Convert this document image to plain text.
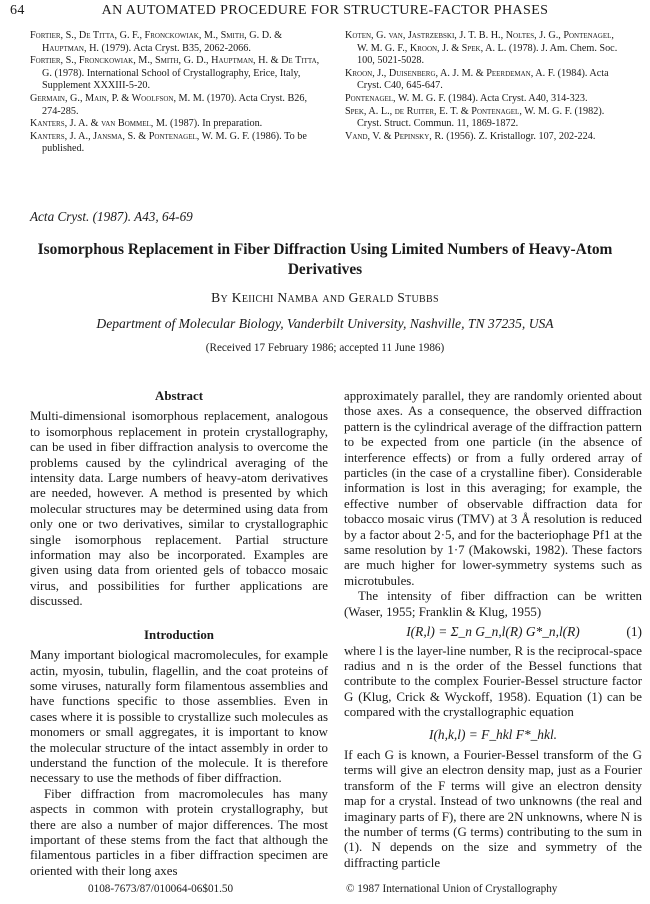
64	AN AUTOMATED PROCEDURE FOR STRUCTURE-FACTOR PHASES
Fortier, S., De Titta, G. F., Fronckowiak, M., Smith, G. D. & Hauptman, H. (1979). Acta Cryst. B35, 2062-2066.
Fortier, S., Fronckowiak, M., Smith, G. D., Hauptman, H. & De Titta, G. (1978). International School of Crystallography, Erice, Italy, Supplement XXXIII-5-20.
Germain, G., Main, P. & Woolfson, M. M. (1970). Acta Cryst. B26, 274-285.
Kanters, J. A. & van Bommel, M. (1987). In preparation.
Kanters, J. A., Jansma, S. & Pontenagel, W. M. G. F. (1986). To be published.
Koten, G. van, Jastrzebski, J. T. B. H., Noltes, J. G., Pontenagel, W. M. G. F., Kroon, J. & Spek, A. L. (1978). J. Am. Chem. Soc. 100, 5021-5028.
Kroon, J., Duisenberg, A. J. M. & Peerdeman, A. F. (1984). Acta Cryst. C40, 645-647.
Pontenagel, W. M. G. F. (1984). Acta Cryst. A40, 314-323.
Spek, A. L., de Ruiter, E. T. & Pontenagel, W. M. G. F. (1982). Cryst. Struct. Commun. 11, 1869-1872.
Vand, V. & Pepinsky, R. (1956). Z. Kristallogr. 107, 202-224.
Acta Cryst. (1987). A43, 64-69
Isomorphous Replacement in Fiber Diffraction Using Limited Numbers of Heavy-Atom Derivatives
By Keiichi Namba and Gerald Stubbs
Department of Molecular Biology, Vanderbilt University, Nashville, TN 37235, USA
(Received 17 February 1986; accepted 11 June 1986)
Abstract

Multi-dimensional isomorphous replacement, analogous to isomorphous replacement in protein crystallography, can be used in fiber diffraction analysis to overcome the problems caused by the cylindrical averaging of the intensity data. Large numbers of heavy-atom derivatives are needed, however. A method is presented by which molecular structures may be determined using data from only one or two derivatives, similar to crystallographic single isomorphous replacement. Partial structure information may also be incorporated. Examples are given using data from oriented gels of tobacco mosaic virus, and possibilities for further applications are discussed.

Introduction

Many important biological macromolecules, for example actin, myosin, tubulin, flagellin, and the coat proteins of some viruses, naturally form filamentous assemblies and have functions specific to those assemblies. Even in cases where it is possible to crystallize such molecules as monomers or small aggregates, it is important to know the molecular structure of the intact assembly in order to understand the function of the molecule. It is therefore necessary to use the methods of fiber diffraction.

Fiber diffraction from macromolecules has many aspects in common with protein crystallography, but there are also a number of major differences. The most important of these stems from the fact that although the filamentous particles in a fiber diffraction specimen are oriented with their long axes

approximately parallel, they are randomly oriented about those axes. As a consequence, the observed diffraction pattern is the cylindrical average of the diffraction pattern to be expected from one particle (in the absence of interference effects) or from a fully ordered array of particles (in the case of a crystalline fiber). Considerable information is lost in this averaging; for example, the effective number of observable diffraction data for tobacco mosaic virus (TMV) at 3 Å resolution is reduced by a factor about 2·5, and for the bacteriophage Pf1 at the same resolution by 1·7 (Makowski, 1982). These factors are much higher for lower-symmetry systems such as microtubules.

The intensity of fiber diffraction can be written (Waser, 1955; Franklin & Klug, 1955)

I(R,l) = Σ_n G_n,l(R) G*_n,l(R)	(1)

where l is the layer-line number, R is the reciprocal-space radius and n is the order of the Bessel functions that contribute to the complex Fourier-Bessel structure factor G (Klug, Crick & Wyckoff, 1958). Equation (1) can be compared with the crystallographic equation

I(h,k,l) = F_hkl F*_hkl.

If each G is known, a Fourier-Bessel transform of the G terms will give an electron density map, just as a Fourier transform of the F terms will give an electron density map for a crystal. Instead of two unknowns (the real and imaginary parts of F), there are 2N unknowns, where N is the number of terms (G terms) contributing to the sum in (1). N depends on the size and symmetry of the diffracting particle

0108-7673/87/010064-06$01.50	© 1987 International Union of Crystallography
